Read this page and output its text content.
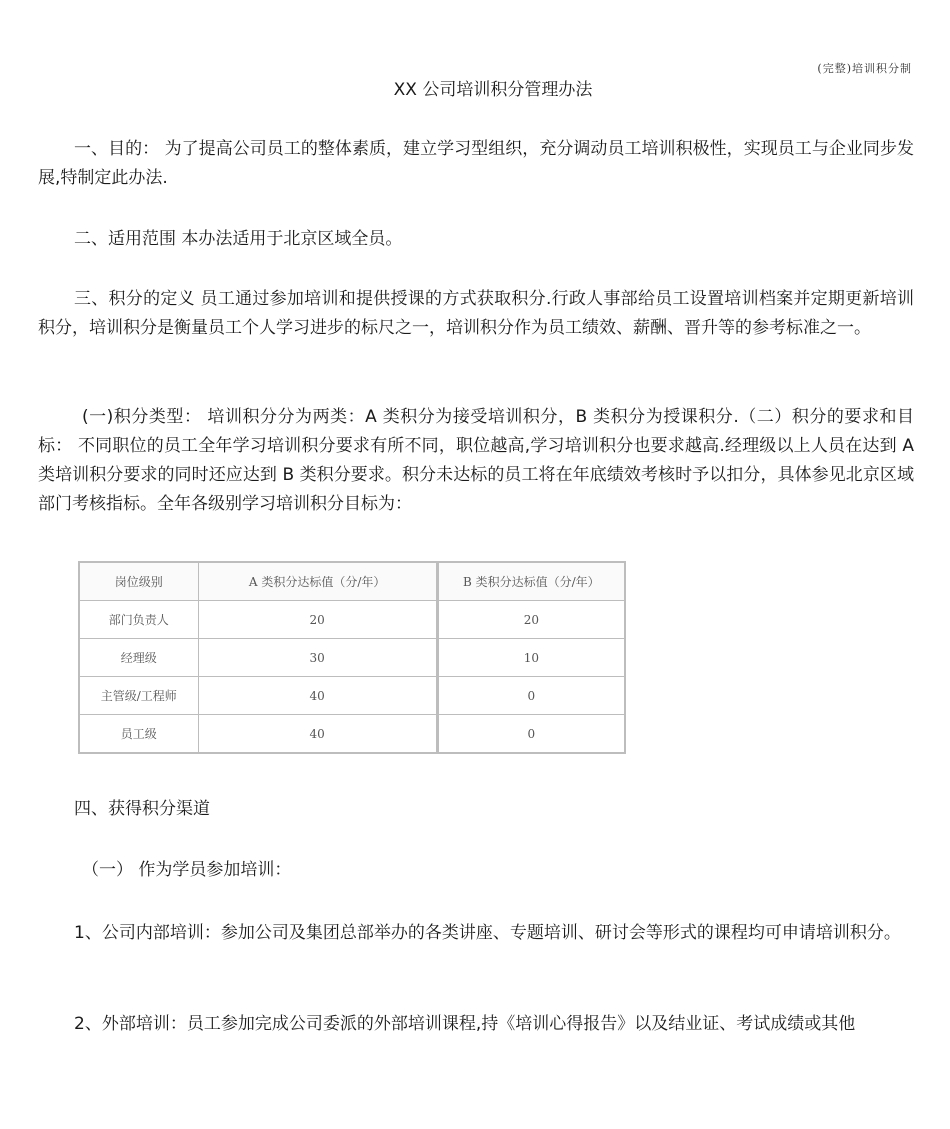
(完整)培训积分制
XX 公司培训积分管理办法

一、目的： 为了提高公司员工的整体素质，建立学习型组织，充分调动员工培训积极性，实现员工与企业同步发展,特制定此办法.

二、适用范围 本办法适用于北京区域全员。

三、积分的定义 员工通过参加培训和提供授课的方式获取积分.行政人事部给员工设置培训档案并定期更新培训积分，培训积分是衡量员工个人学习进步的标尺之一，培训积分作为员工绩效、薪酬、晋升等的参考标准之一。

(一)积分类型： 培训积分分为两类：A 类积分为接受培训积分，B 类积分为授课积分.（二）积分的要求和目标： 不同职位的员工全年学习培训积分要求有所不同，职位越高,学习培训积分也要求越高.经理级以上人员在达到 A 类培训积分要求的同时还应达到 B 类积分要求。积分未达标的员工将在年底绩效考核时予以扣分，具体参见北京区域部门考核指标。全年各级别学习培训积分目标为：

岗位级别	A 类积分达标值（分/年）	B 类积分达标值（分/年）
部门负责人	20	20
经理级	30	10
主管级/工程师	40	0
员工级	40	0

四、获得积分渠道

（一） 作为学员参加培训：

1、公司内部培训：参加公司及集团总部举办的各类讲座、专题培训、研讨会等形式的课程均可申请培训积分。

2、外部培训：员工参加完成公司委派的外部培训课程,持《培训心得报告》以及结业证、考试成绩或其他
